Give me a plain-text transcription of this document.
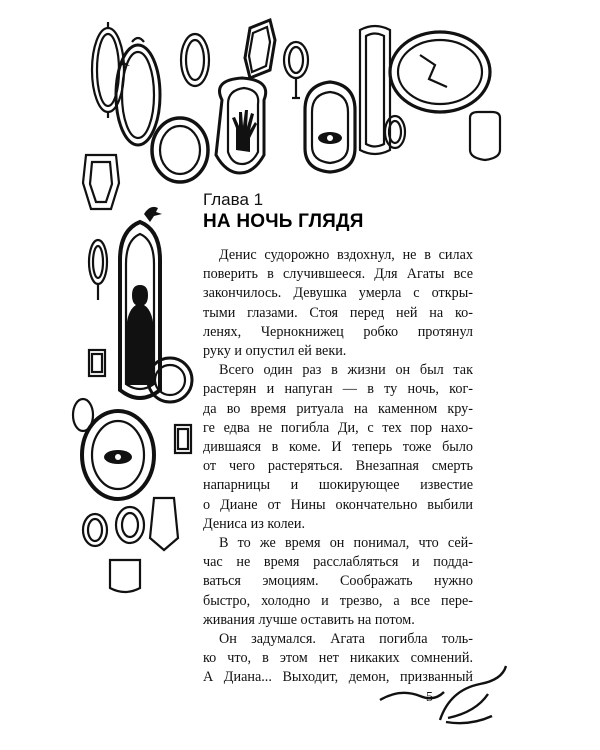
Глава 1
НА НОЧЬ ГЛЯДЯ
Денис судорожно вздохнул, не в силах
поверить в случившееся. Для Агаты все
закончилось. Девушка умерла с откры-
тыми глазами. Стоя перед ней на ко-
ленях, Чернокнижец робко протянул
руку и опустил ей веки.
Всего один раз в жизни он был так
растерян и напуган — в ту ночь, ког-
да во время ритуала на каменном кру-
ге едва не погибла Ди, с тех пор нахо-
дившаяся в коме. И теперь тоже было
от чего растеряться. Внезапная смерть
напарницы и шокирующее известие
о Диане от Нины окончательно выбили
Дениса из колеи.
В то же время он понимал, что сей-
час не время расслабляться и подда-
ваться эмоциям. Соображать нужно
быстро, холодно и трезво, а все пере-
живания лучше оставить на потом.
Он задумался. Агата погибла толь-
ко что, в этом нет никаких сомнений.
А Диана... Выходит, демон, призванный
5
